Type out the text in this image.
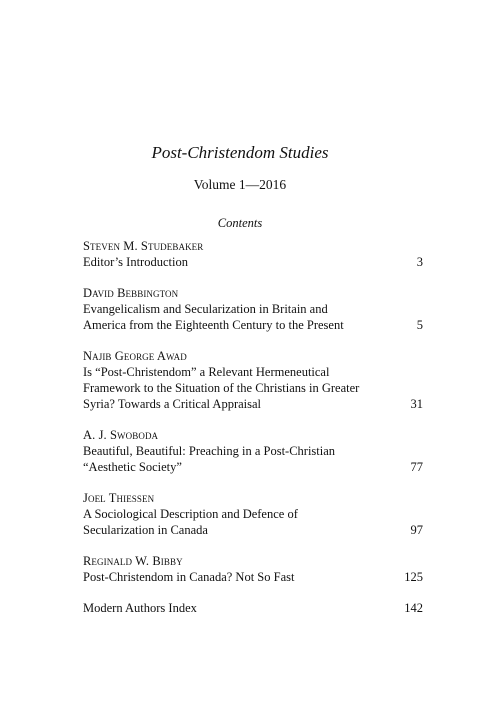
Post-Christendom Studies
Volume 1—2016
Contents
Steven M. Studebaker
Editor’s Introduction	3
David Bebbington
Evangelicalism and Secularization in Britain and America from the Eighteenth Century to the Present	5
Najib George Awad
Is “Post-Christendom” a Relevant Hermeneutical Framework to the Situation of the Christians in Greater Syria? Towards a Critical Appraisal	31
A. J. Swoboda
Beautiful, Beautiful: Preaching in a Post-Christian “Aesthetic Society”	77
Joel Thiessen
A Sociological Description and Defence of Secularization in Canada	97
Reginald W. Bibby
Post-Christendom in Canada? Not So Fast	125
Modern Authors Index	142
